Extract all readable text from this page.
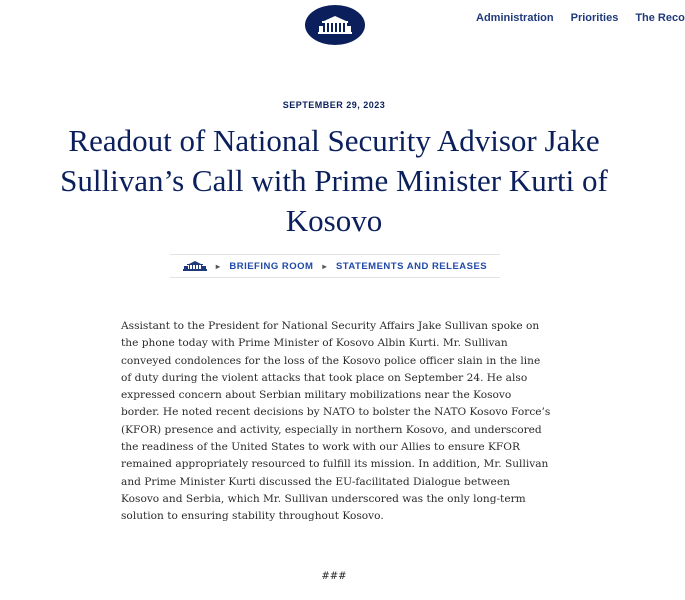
Administration Priorities The Reco
SEPTEMBER 29, 2023
Readout of National Security Advisor Jake Sullivan’s Call with Prime Minister Kurti of Kosovo
▸ BRIEFING ROOM ▸ STATEMENTS AND RELEASES

Assistant to the President for National Security Affairs Jake Sullivan spoke on the phone today with Prime Minister of Kosovo Albin Kurti. Mr. Sullivan conveyed condolences for the loss of the Kosovo police officer slain in the line of duty during the violent attacks that took place on September 24. He also expressed concern about Serbian military mobilizations near the Kosovo border. He noted recent decisions by NATO to bolster the NATO Kosovo Force’s (KFOR) presence and activity, especially in northern Kosovo, and underscored the readiness of the United States to work with our Allies to ensure KFOR remained appropriately resourced to fulfill its mission. In addition, Mr. Sullivan and Prime Minister Kurti discussed the EU-facilitated Dialogue between Kosovo and Serbia, which Mr. Sullivan underscored was the only long-term solution to ensuring stability throughout Kosovo.

###
